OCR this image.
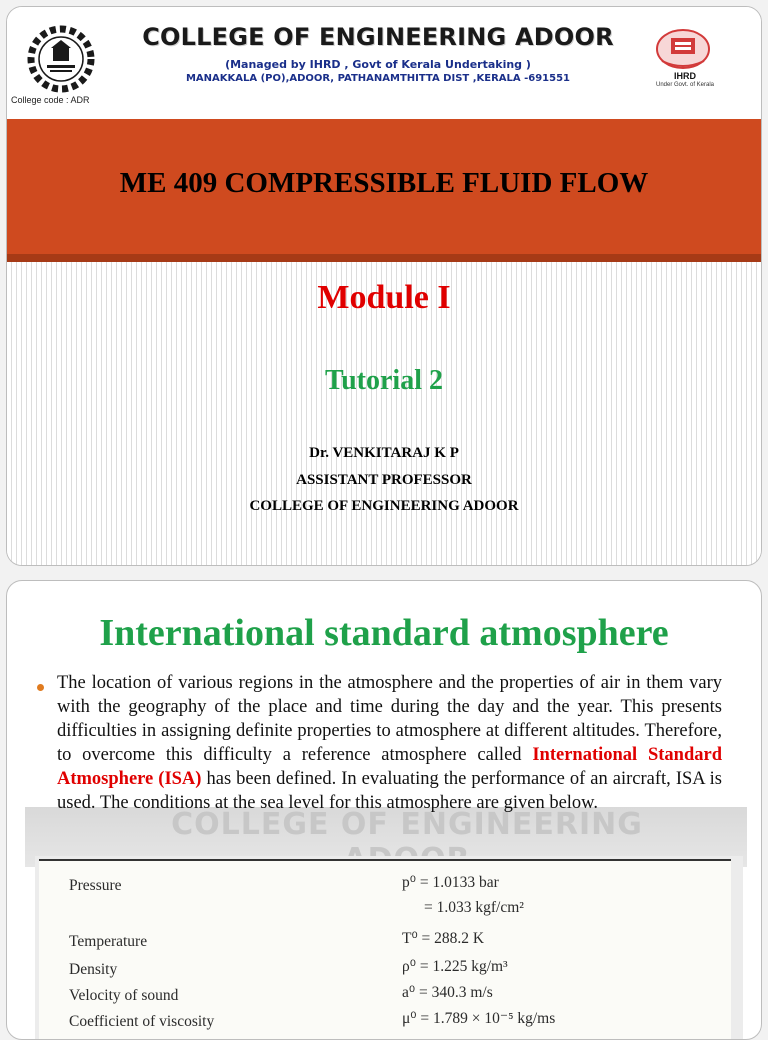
College code : ADR
COLLEGE OF ENGINEERING ADOOR
(Managed by IHRD , Govt of Kerala Undertaking )
MANAKKALA (PO),ADOOR, PATHANAMTHITTA DIST ,KERALA -691551	IHRD
Under Govt. of Kerala
ME 409 COMPRESSIBLE FLUID FLOW
Module I
Tutorial 2
Dr. VENKITARAJ K P
ASSISTANT PROFESSOR
COLLEGE OF ENGINEERING ADOOR
International standard atmosphere
COLLEGE OF ENGINEERING
The location of various regions in the atmosphere and the properties of air in them vary with the geography of the place and time during the day and the year. This presents difficulties in assigning definite properties to atmosphere at different altitudes. Therefore, to overcome this difficulty a reference atmosphere called International Standard Atmosphere (ISA) has been defined. In evaluating the performance of an aircraft, ISA is used. The conditions at the sea level for this atmosphere are given below.
Pressure	p⁰ = 1.0133 bar
= 1.033 kgf/cm²
Temperature	T⁰ = 288.2 K
Density	ρ⁰ = 1.225 kg/m³
Velocity of sound	a⁰ = 340.3 m/s
Coefficient of viscosity	μ⁰ = 1.789 × 10⁻⁵ kg/ms
